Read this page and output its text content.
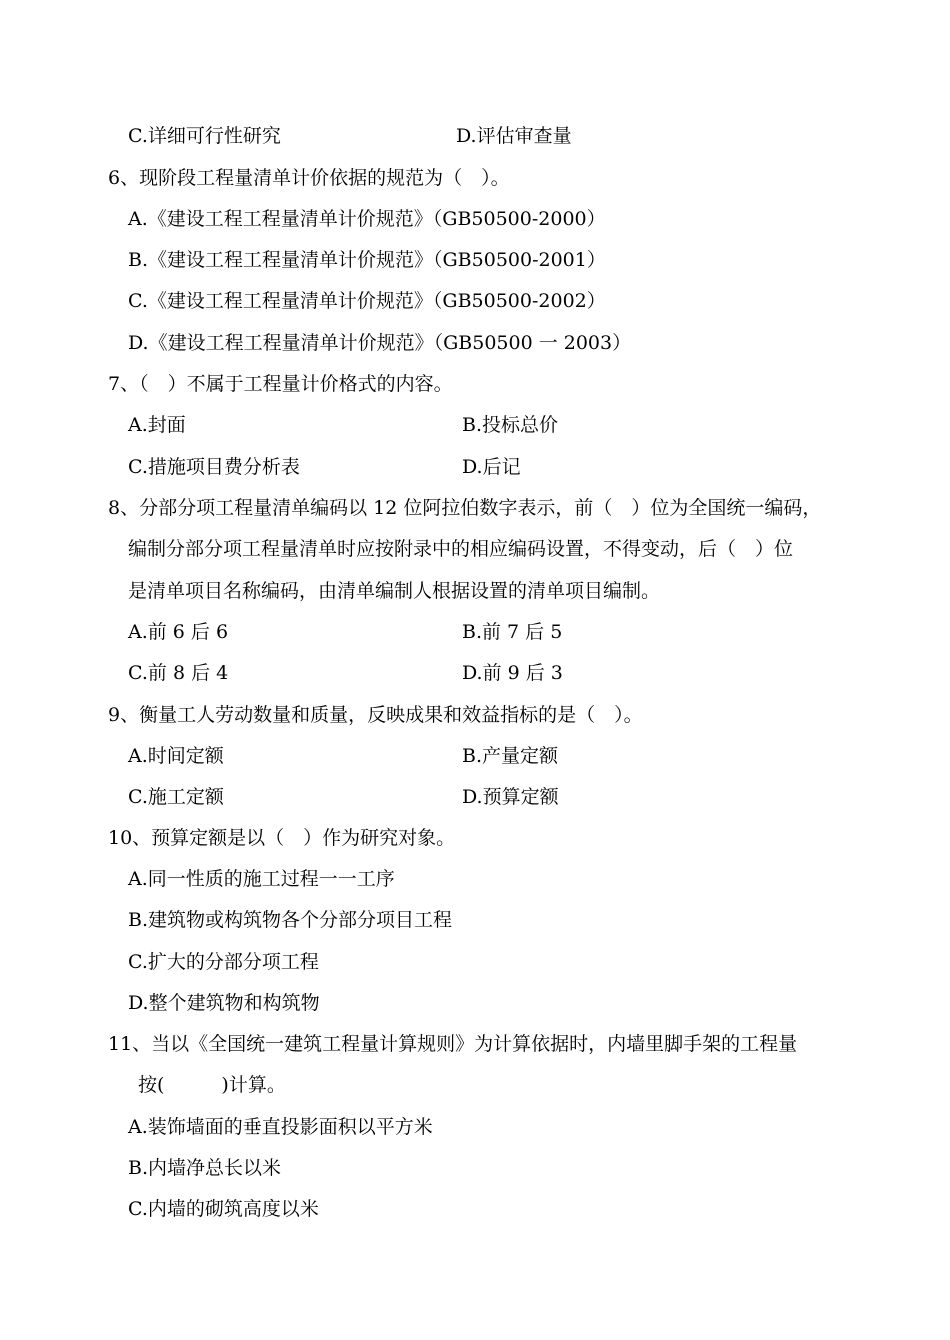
C.详细可行性研究	D.评估审查量
6、现阶段工程量清单计价依据的规范为（　）。
A.《建设工程工程量清单计价规范》（GB50500-2000）
B.《建设工程工程量清单计价规范》（GB50500-2001）
C.《建设工程工程量清单计价规范》（GB50500-2002）
D.《建设工程工程量清单计价规范》（GB50500 一 2003）
7、（　）不属于工程量计价格式的内容。
A.封面	B.投标总价
C.措施项目费分析表	D.后记
8、分部分项工程量清单编码以 12 位阿拉伯数字表示，前（　）位为全国统一编码，
编制分部分项工程量清单时应按附录中的相应编码设置，不得变动，后（　）位
是清单项目名称编码，由清单编制人根据设置的清单项目编制。
A.前 6 后 6	B.前 7 后 5
C.前 8 后 4	D.前 9 后 3
9、衡量工人劳动数量和质量，反映成果和效益指标的是（　）。
A.时间定额	B.产量定额
C.施工定额	D.预算定额
10、预算定额是以（　）作为研究对象。
A.同一性质的施工过程一一工序
B.建筑物或构筑物各个分部分项目工程
C.扩大的分部分项工程
D.整个建筑物和构筑物
11、当以《全国统一建筑工程量计算规则》为计算依据时，内墙里脚手架的工程量
按(　　　)计算。
A.装饰墙面的垂直投影面积以平方米
B.内墙净总长以米
C.内墙的砌筑高度以米
